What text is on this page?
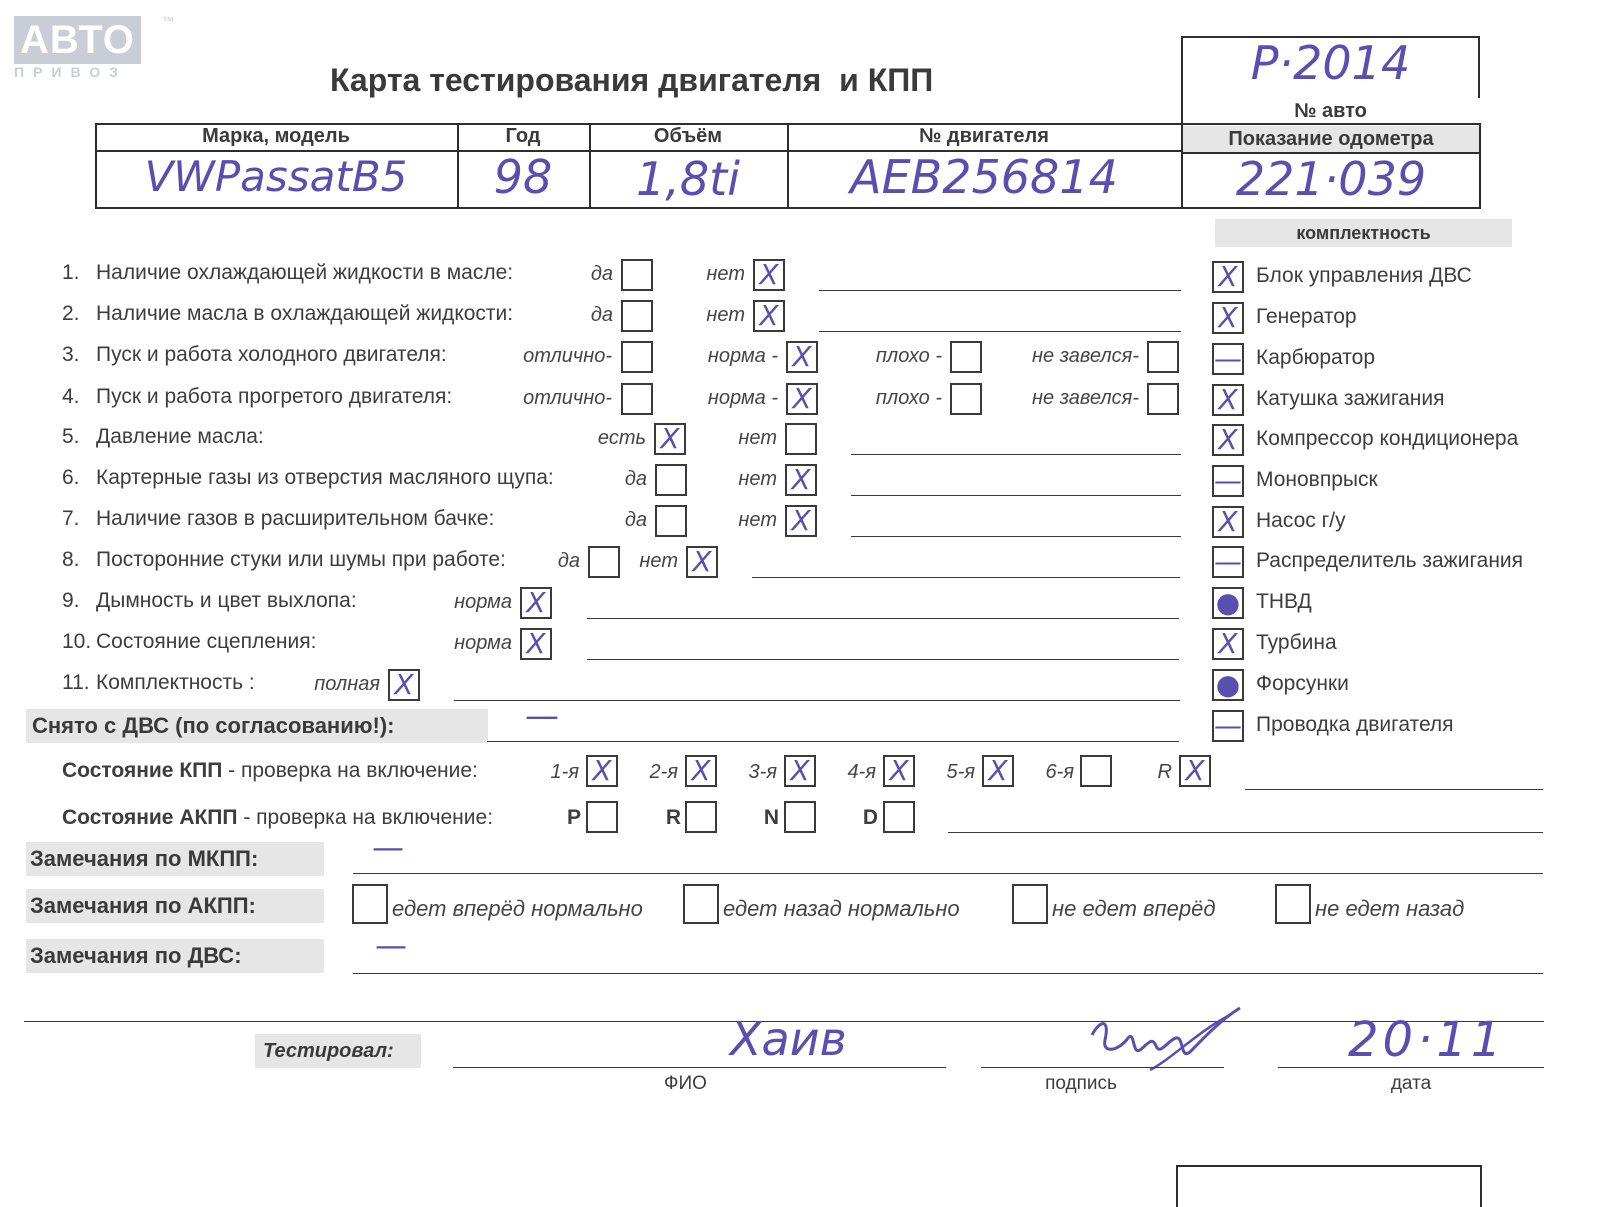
АВТО ™
ПРИВОЗ	Карта тестирования двигателя  и КПП	Р·2014
№ авто
Марка, модель	Год	Объём	№ двигателя	Показание одометра
VWPassatB5	98	1,8ti	AEB256814	221·039
комплектность
1. Наличие охлаждающей жидкости в масле:	да	нет X
2. Наличие масла в охлаждающей жидкости:	да	нет X
3. Пуск и работа холодного двигателя:	отлично-	норма - X	плохо -	не завелся-
4. Пуск и работа прогретого двигателя:	отлично-	норма - X	плохо -	не завелся-
5. Давление масла:	есть X	нет
6. Картерные газы из отверстия масляного щупа:	да	нет X
7. Наличие газов в расширительном бачке:	да	нет X
8. Посторонние стуки или шумы при работе:	да	нет X
9. Дымность и цвет выхлопа:	норма X
10. Состояние сцепления:	норма X
11. Комплектность :	полная X
X Блок управления ДВС
X Генератор
— Карбюратор
X Катушка зажигания
X Компрессор кондиционера
— Моновпрыск
X Насос г/у
— Распределитель зажигания
● ТНВД
X Турбина
● Форсунки
— Проводка двигателя
Снято с ДВС (по согласованию!):	—
Состояние КПП - проверка на включение:	1-я X 2-я X 3-я X 4-я X 5-я X 6-я	R X
Состояние АКПП - проверка на включение:	P	R	N	D
Замечания по МКПП:	—
Замечания по АКПП:	едет вперёд нормально	едет назад нормально	не едет вперёд	не едет назад
Замечания по ДВС:	—
Тестировал:	Хаив
ФИО	подпись
20·11
дата
